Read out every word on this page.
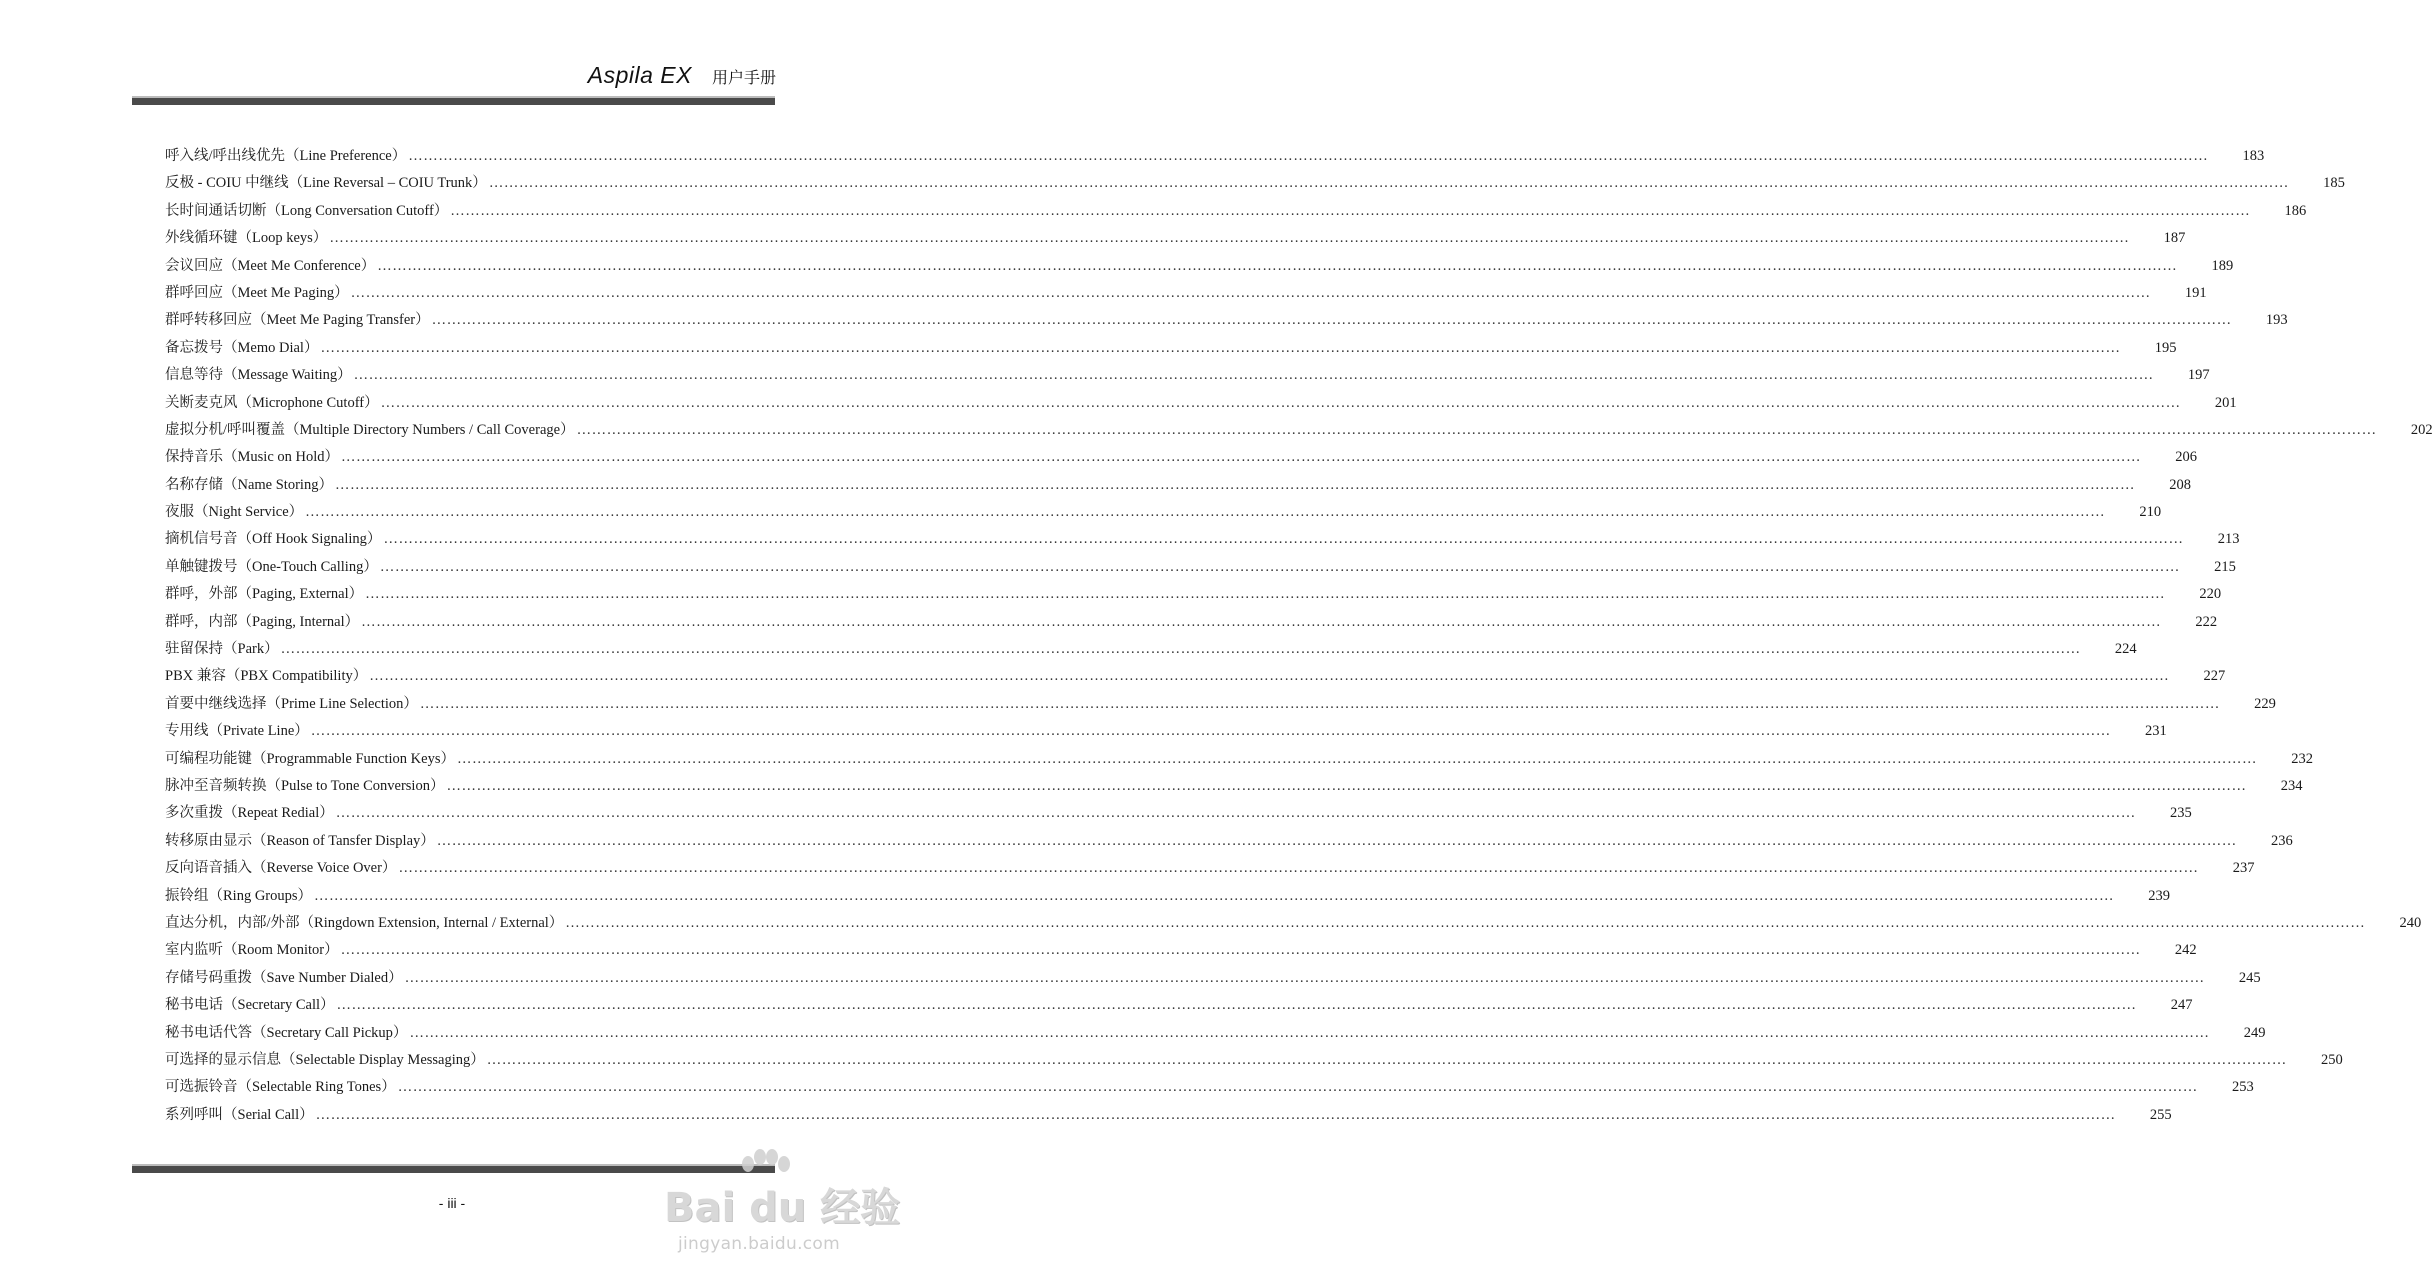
Aspila EX 用户手册
呼入线/呼出线优先（Line Preference） ………………………………………………………………………………………………………………………………………………………………………………………………………………………………………………………………………………………………………………………………	183
反极 - COIU 中继线（Line Reversal – COIU Trunk） ………………………………………………………………………………………………………………………………………………………………………………………………………………………………………………………………………………………………………………………………	185
长时间通话切断（Long Conversation Cutoff） ………………………………………………………………………………………………………………………………………………………………………………………………………………………………………………………………………………………………………………………………	186
外线循环键（Loop keys） ………………………………………………………………………………………………………………………………………………………………………………………………………………………………………………………………………………………………………………………………	187
会议回应（Meet Me Conference） ………………………………………………………………………………………………………………………………………………………………………………………………………………………………………………………………………………………………………………………………	189
群呼回应（Meet Me Paging） ………………………………………………………………………………………………………………………………………………………………………………………………………………………………………………………………………………………………………………………………	191
群呼转移回应（Meet Me Paging Transfer） ………………………………………………………………………………………………………………………………………………………………………………………………………………………………………………………………………………………………………………………………	193
备忘拨号（Memo Dial） ………………………………………………………………………………………………………………………………………………………………………………………………………………………………………………………………………………………………………………………………	195
信息等待（Message Waiting） ………………………………………………………………………………………………………………………………………………………………………………………………………………………………………………………………………………………………………………………………	197
关断麦克风（Microphone Cutoff） ………………………………………………………………………………………………………………………………………………………………………………………………………………………………………………………………………………………………………………………………	201
虚拟分机/呼叫覆盖（Multiple Directory Numbers / Call Coverage） ………………………………………………………………………………………………………………………………………………………………………………………………………………………………………………………………………………………………………………………………	202
保持音乐（Music on Hold） ………………………………………………………………………………………………………………………………………………………………………………………………………………………………………………………………………………………………………………………………	206
名称存储（Name Storing） ………………………………………………………………………………………………………………………………………………………………………………………………………………………………………………………………………………………………………………………………	208
夜服（Night Service） ………………………………………………………………………………………………………………………………………………………………………………………………………………………………………………………………………………………………………………………………	210
摘机信号音（Off Hook Signaling） ………………………………………………………………………………………………………………………………………………………………………………………………………………………………………………………………………………………………………………………………	213
单触键拨号（One-Touch Calling） ………………………………………………………………………………………………………………………………………………………………………………………………………………………………………………………………………………………………………………………………	215
群呼，外部（Paging, External） ………………………………………………………………………………………………………………………………………………………………………………………………………………………………………………………………………………………………………………………………	220
群呼，内部（Paging, Internal） ………………………………………………………………………………………………………………………………………………………………………………………………………………………………………………………………………………………………………………………………	222
驻留保持（Park） ………………………………………………………………………………………………………………………………………………………………………………………………………………………………………………………………………………………………………………………………	224
PBX 兼容（PBX Compatibility） ………………………………………………………………………………………………………………………………………………………………………………………………………………………………………………………………………………………………………………………………	227
首要中继线选择（Prime Line Selection） ………………………………………………………………………………………………………………………………………………………………………………………………………………………………………………………………………………………………………………………………	229
专用线（Private Line） ………………………………………………………………………………………………………………………………………………………………………………………………………………………………………………………………………………………………………………………………	231
可编程功能键（Programmable Function Keys） ………………………………………………………………………………………………………………………………………………………………………………………………………………………………………………………………………………………………………………………………	232
脉冲至音频转换（Pulse to Tone Conversion） ………………………………………………………………………………………………………………………………………………………………………………………………………………………………………………………………………………………………………………………………	234
多次重拨（Repeat Redial） ………………………………………………………………………………………………………………………………………………………………………………………………………………………………………………………………………………………………………………………………	235
转移原由显示（Reason of Tansfer Display） ………………………………………………………………………………………………………………………………………………………………………………………………………………………………………………………………………………………………………………………………	236
反向语音插入（Reverse Voice Over） ………………………………………………………………………………………………………………………………………………………………………………………………………………………………………………………………………………………………………………………………	237
振铃组（Ring Groups） ………………………………………………………………………………………………………………………………………………………………………………………………………………………………………………………………………………………………………………………………	239
直达分机，内部/外部（Ringdown Extension, Internal / External） ………………………………………………………………………………………………………………………………………………………………………………………………………………………………………………………………………………………………………………………………	240
室内监听（Room Monitor） ………………………………………………………………………………………………………………………………………………………………………………………………………………………………………………………………………………………………………………………………	242
存储号码重拨（Save Number Dialed） ………………………………………………………………………………………………………………………………………………………………………………………………………………………………………………………………………………………………………………………………	245
秘书电话（Secretary Call） ………………………………………………………………………………………………………………………………………………………………………………………………………………………………………………………………………………………………………………………………	247
秘书电话代答（Secretary Call Pickup） ………………………………………………………………………………………………………………………………………………………………………………………………………………………………………………………………………………………………………………………………	249
可选择的显示信息（Selectable Display Messaging） ………………………………………………………………………………………………………………………………………………………………………………………………………………………………………………………………………………………………………………………………	250
可选振铃音（Selectable Ring Tones） ………………………………………………………………………………………………………………………………………………………………………………………………………………………………………………………………………………………………………………………………	253
系列呼叫（Serial Call） ………………………………………………………………………………………………………………………………………………………………………………………………………………………………………………………………………………………………………………………………	255
- iii -	Bai du 经验
jingyan.baidu.com
